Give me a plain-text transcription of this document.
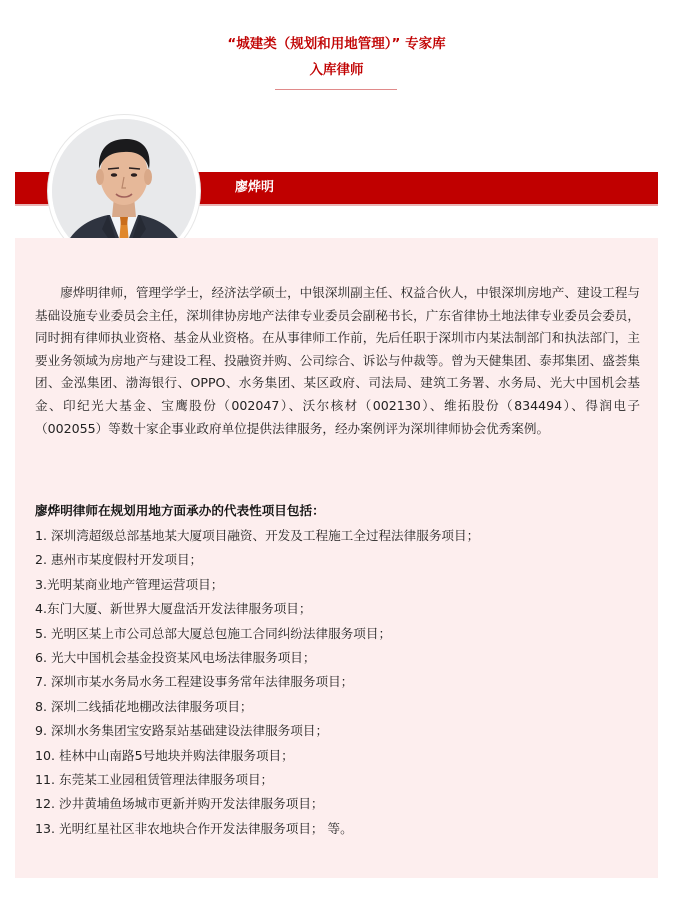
“城建类（规划和用地管理）” 专家库
入库律师
廖烨明
廖烨明律师，管理学学士，经济法学硕士，中银深圳副主任、权益合伙人，中银深圳房地产、建设工程与基础设施专业委员会主任，深圳律协房地产法律专业委员会副秘书长，广东省律协土地法律专业委员会委员，同时拥有律师执业资格、基金从业资格。在从事律师工作前，先后任职于深圳市内某法制部门和执法部门，主要业务领域为房地产与建设工程、投融资并购、公司综合、诉讼与仲裁等。曾为天健集团、泰邦集团、盛荟集团、金泓集团、渤海银行、OPPO、水务集团、某区政府、司法局、建筑工务署、水务局、光大中国机会基金、印纪光大基金、宝鹰股份（002047）、沃尔核材（002130）、维拓股份（834494）、得润电子（002055）等数十家企事业政府单位提供法律服务，经办案例评为深圳律师协会优秀案例。
廖烨明律师在规划用地方面承办的代表性项目包括：
1. 深圳湾超级总部基地某大厦项目融资、开发及工程施工全过程法律服务项目；
2. 惠州市某度假村开发项目；
3.光明某商业地产管理运营项目；
4.东门大厦、新世界大厦盘活开发法律服务项目；
5. 光明区某上市公司总部大厦总包施工合同纠纷法律服务项目；
6. 光大中国机会基金投资某风电场法律服务项目；
7. 深圳市某水务局水务工程建设事务常年法律服务项目；
8. 深圳二线插花地棚改法律服务项目；
9. 深圳水务集团宝安路泵站基础建设法律服务项目；
10. 桂林中山南路5号地块并购法律服务项目；
11. 东莞某工业园租赁管理法律服务项目；
12. 沙井黄埔鱼场城市更新并购开发法律服务项目；
13. 光明红星社区非农地块合作开发法律服务项目； 等。
